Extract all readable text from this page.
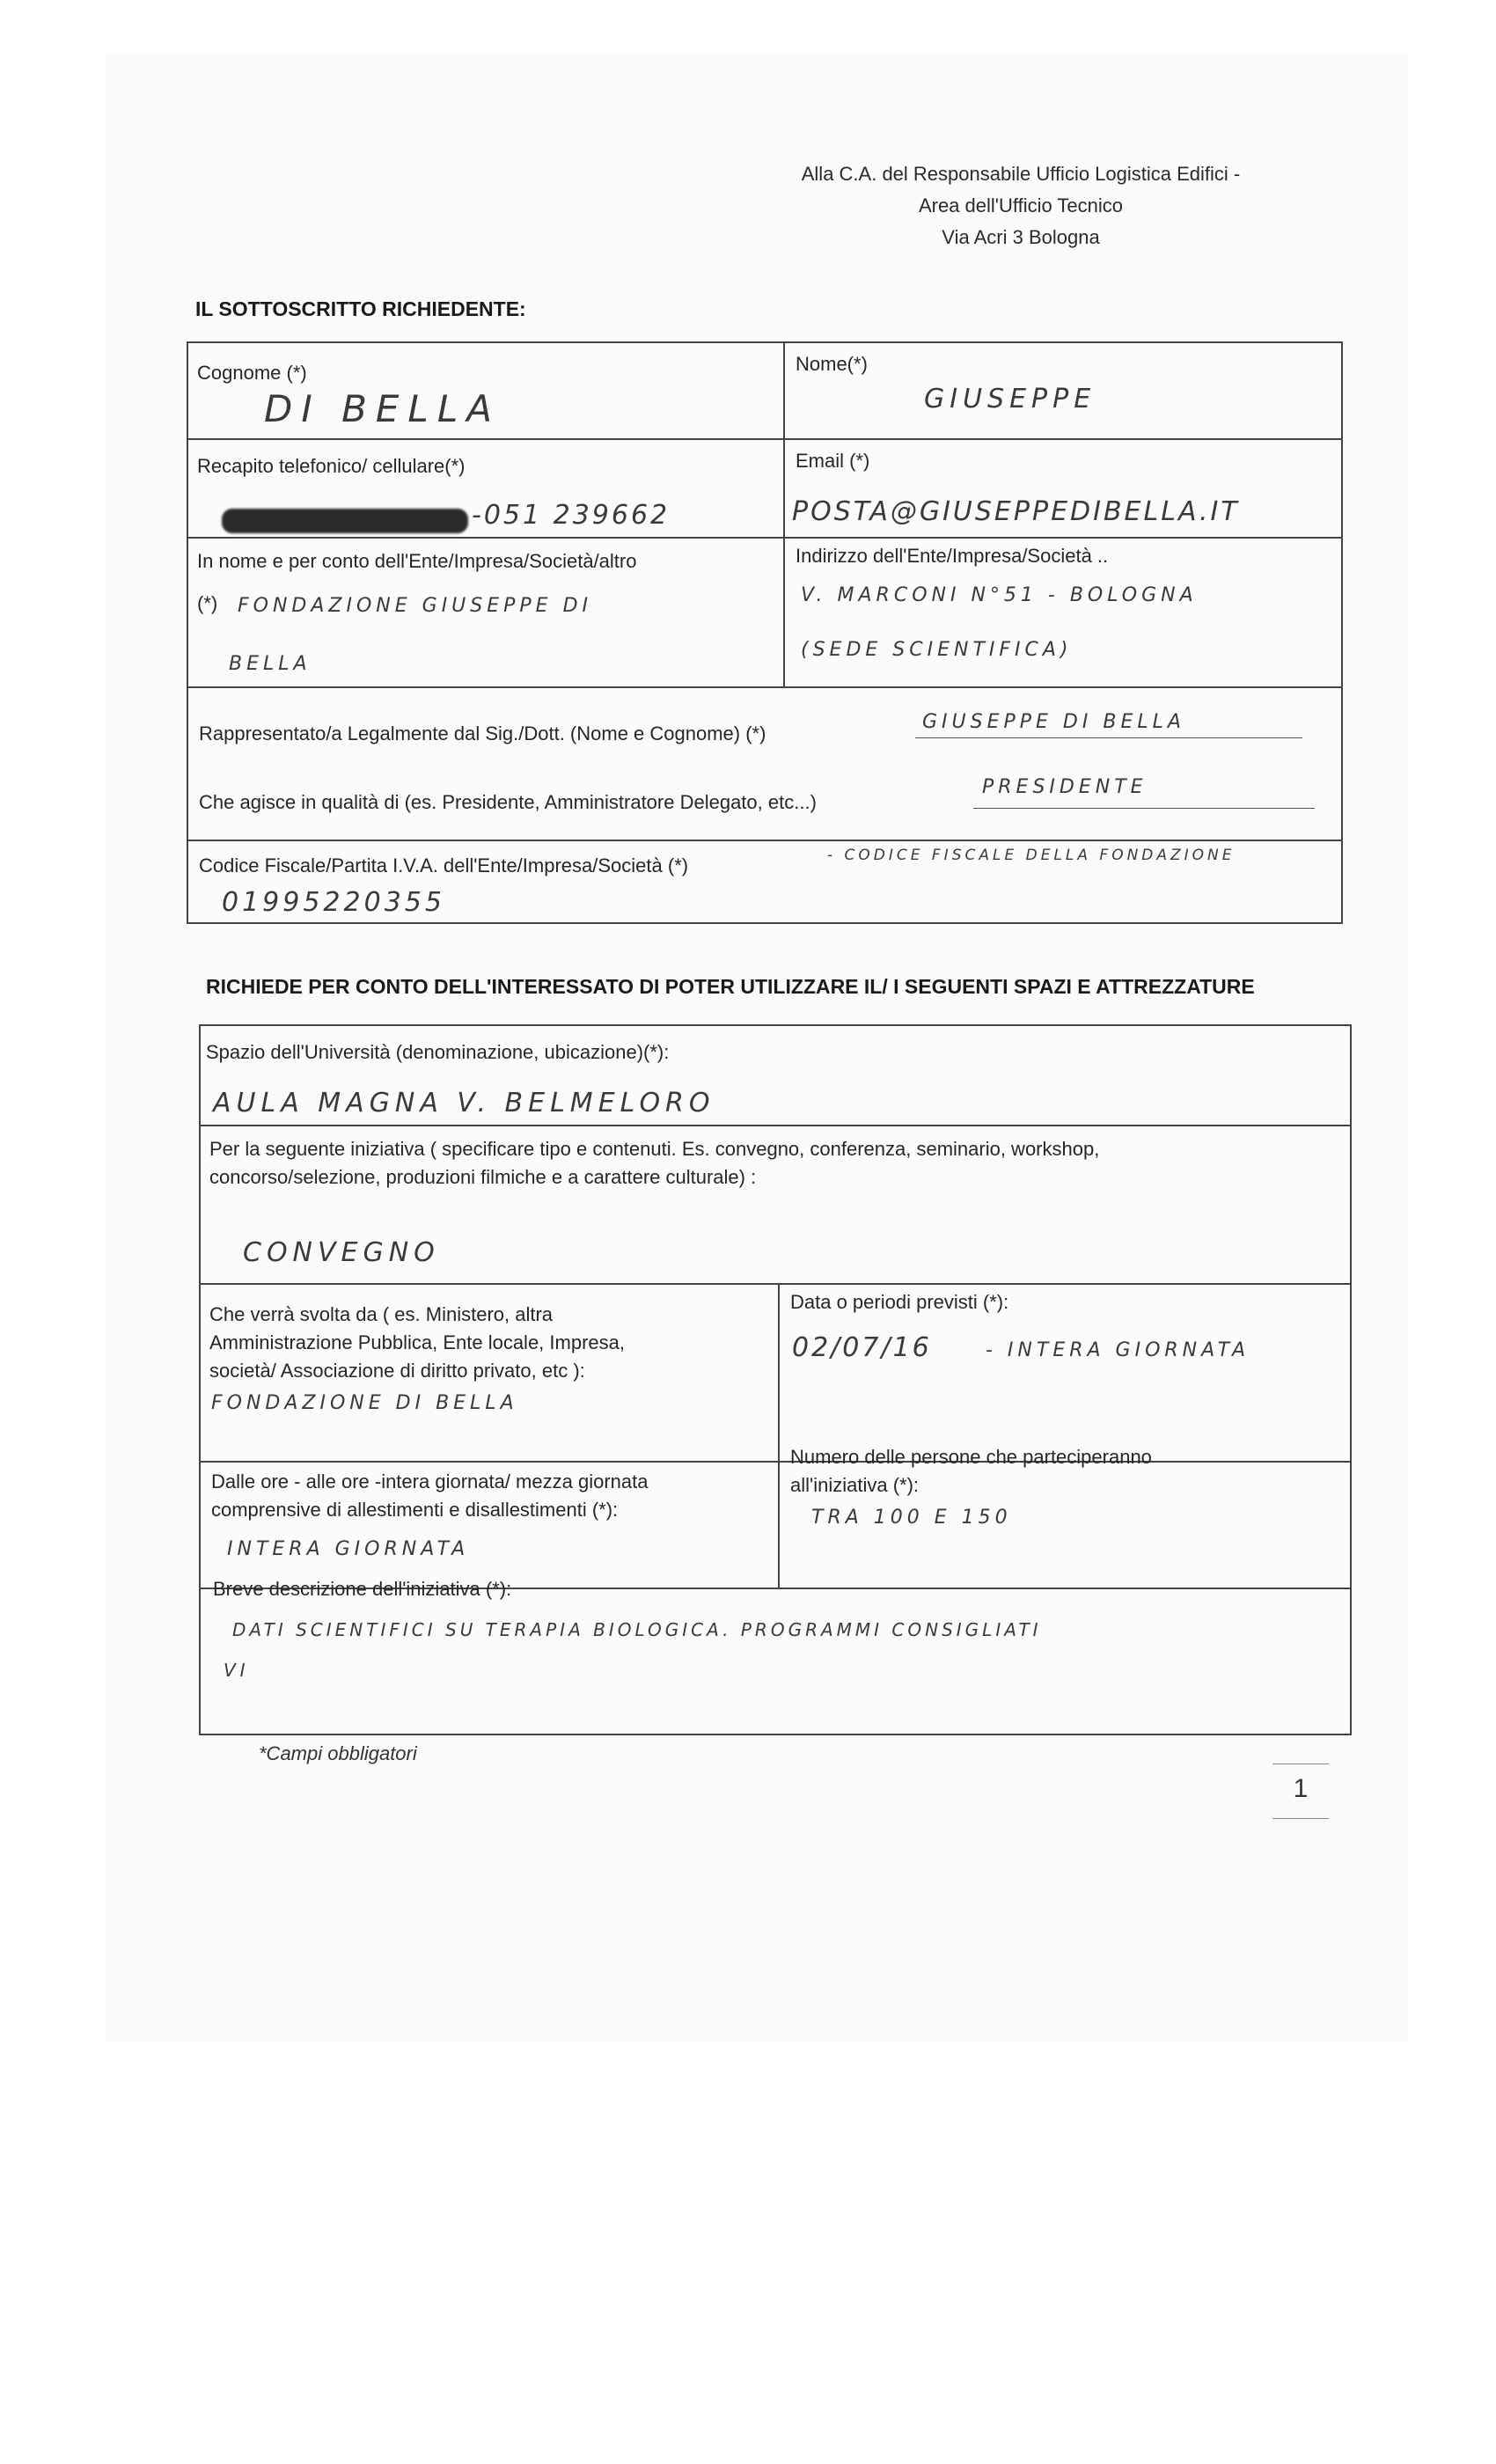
Alla C.A. del Responsabile Ufficio Logistica Edifici -
Area dell'Ufficio Tecnico
Via Acri 3 Bologna
IL SOTTOSCRITTO RICHIEDENTE:
Cognome (*)
DI BELLA
Nome(*)
GIUSEPPE
Recapito telefonico/ cellulare(*)
-051 239662
Email (*)
POSTA@GIUSEPPEDIBELLA.IT
In nome e per conto dell'Ente/Impresa/Società/altro
(*) FONDAZIONE GIUSEPPE DI
BELLA
Indirizzo dell'Ente/Impresa/Società ..
V. MARCONI N°51 - BOLOGNA
(SEDE SCIENTIFICA)
Rappresentato/a Legalmente dal Sig./Dott. (Nome e Cognome) (*)
GIUSEPPE DI BELLA
Che agisce in qualità di (es. Presidente, Amministratore Delegato, etc...)
PRESIDENTE
Codice Fiscale/Partita I.V.A. dell'Ente/Impresa/Società (*)	- CODICE FISCALE DELLA FONDAZIONE
01995220355
RICHIEDE PER CONTO DELL'INTERESSATO DI POTER UTILIZZARE IL/ I SEGUENTI SPAZI E ATTREZZATURE
Spazio dell'Università (denominazione, ubicazione)(*):
AULA MAGNA V. BELMELORO
Per la seguente iniziativa ( specificare tipo e contenuti. Es. convegno, conferenza, seminario, workshop,
concorso/selezione, produzioni filmiche e a carattere culturale) :
CONVEGNO
Che verrà svolta da ( es. Ministero, altra
Amministrazione Pubblica, Ente locale, Impresa,
società/ Associazione di diritto privato, etc ):
FONDAZIONE DI BELLA
Data o periodi previsti (*):
02/07/16	- INTERA GIORNATA
Dalle ore - alle ore -intera giornata/ mezza giornata
comprensive di allestimenti e disallestimenti (*):
INTERA GIORNATA
Numero delle persone che parteciperanno
all'iniziativa (*):
TRA 100 E 150
Breve descrizione dell'iniziativa (*):
DATI SCIENTIFICI SU TERAPIA BIOLOGICA. PROGRAMMI CONSIGLIATI
VI
*Campi obbligatori
1
